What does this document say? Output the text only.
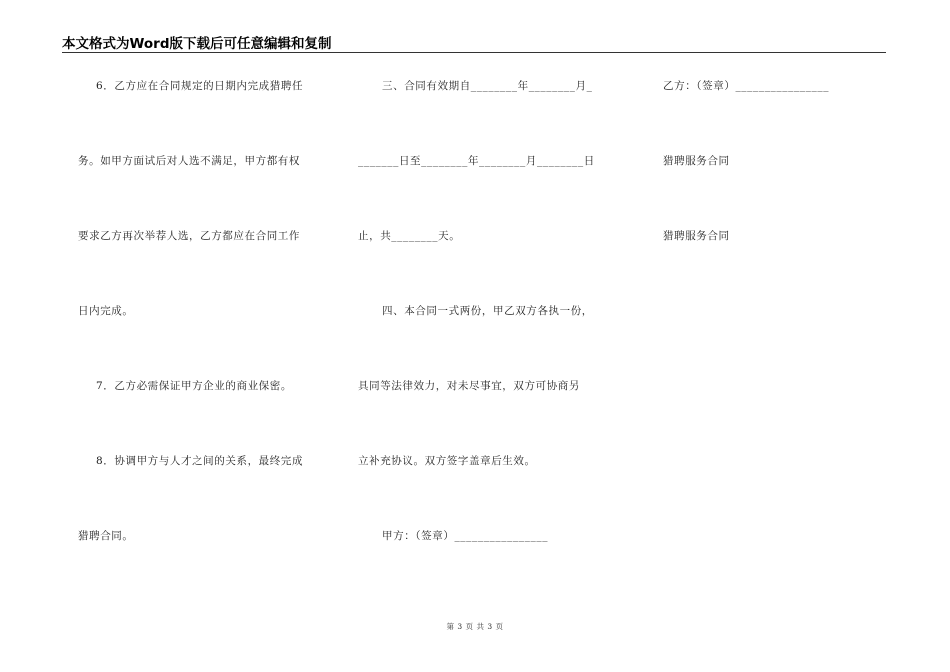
本文格式为Word版下载后可任意编辑和复制
6．乙方应在合同规定的日期内完成猎聘任
务。如甲方面试后对人选不满足，甲方都有权
要求乙方再次举荐人选，乙方都应在合同工作
日内完成。
7．乙方必需保证甲方企业的商业保密。
8．协调甲方与人才之间的关系，最终完成
猎聘合同。
三、合同有效期自________年________月_
_______日至________年________月________日
止，共________天。
四、本合同一式两份，甲乙双方各执一份，
具同等法律效力，对未尽事宜，双方可协商另
立补充协议。双方签字盖章后生效。
甲方：（签章）________________
乙方：（签章）________________
猎聘服务合同
猎聘服务合同
第 3 页 共 3 页
